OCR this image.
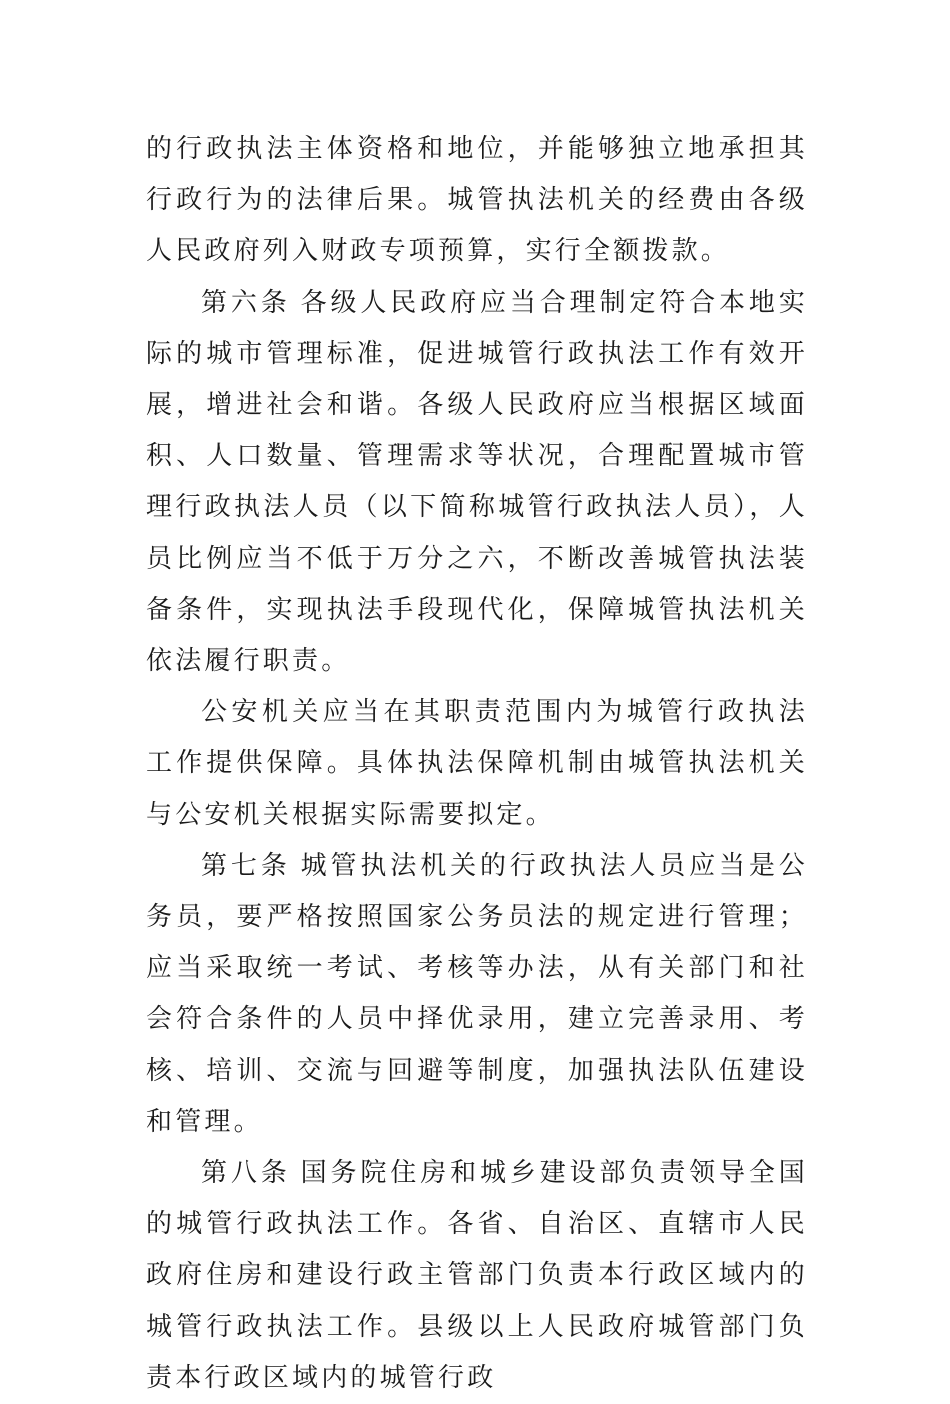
的行政执法主体资格和地位，并能够独立地承担其行政行为的法律后果。城管执法机关的经费由各级人民政府列入财政专项预算，实行全额拨款。

第六条 各级人民政府应当合理制定符合本地实际的城市管理标准，促进城管行政执法工作有效开展，增进社会和谐。各级人民政府应当根据区域面积、人口数量、管理需求等状况，合理配置城市管理行政执法人员（以下简称城管行政执法人员），人员比例应当不低于万分之六，不断改善城管执法装备条件，实现执法手段现代化，保障城管执法机关依法履行职责。

公安机关应当在其职责范围内为城管行政执法工作提供保障。具体执法保障机制由城管执法机关与公安机关根据实际需要拟定。

第七条 城管执法机关的行政执法人员应当是公务员，要严格按照国家公务员法的规定进行管理；应当采取统一考试、考核等办法，从有关部门和社会符合条件的人员中择优录用，建立完善录用、考核、培训、交流与回避等制度，加强执法队伍建设和管理。

第八条 国务院住房和城乡建设部负责领导全国的城管行政执法工作。各省、自治区、直辖市人民政府住房和建设行政主管部门负责本行政区域内的城管行政执法工作。县级以上人民政府城管部门负责本行政区域内的城管行政
